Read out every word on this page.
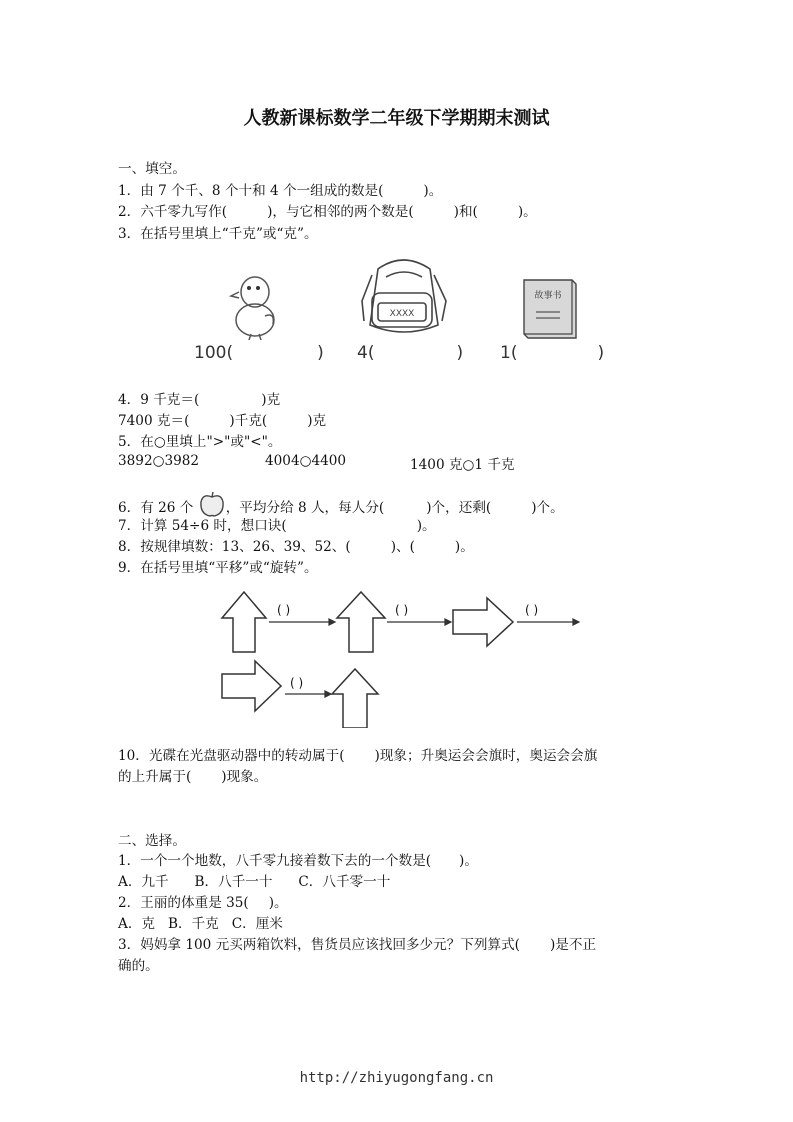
人教新课标数学二年级下学期期末测试
一、填空。
1．由 7 个千、8 个十和 4 个一组成的数是(	)。
2．六千零九写作(	)，与它相邻的两个数是(	)和(	)。
3．在括号里填上“千克”或“克”。
100(	)
XXXX
4(	)
故事书
1(	)
4．9 千克＝(	)克
7400 克＝(	)千克(	)克
5．在○里填上">"或"<"。
3892○3982	4004○4400	1400 克○1 千克
6．有 26 个 ，平均分给 8 人，每人分(	)个，还剩(	)个。
7．计算 54÷6 时，想口诀(	)。
8．按规律填数：13、26、39、52、(	)、(	)。
9．在括号里填“平移”或“旋转”。
( )	( )	( )
( )
10．光碟在光盘驱动器中的转动属于( )现象；升奥运会会旗时，奥运会会旗
的上升属于( )现象。
二、选择。
1．一个一个地数，八千零九接着数下去的一个数是( )。
A．九千      B．八千一十      C．八千零一十
2．王丽的体重是 35( )。
A．克   B．千克   C．厘米
3．妈妈拿 100 元买两箱饮料，售货员应该找回多少元？下列算式( )是不正
确的。
http://zhiyugongfang.cn
